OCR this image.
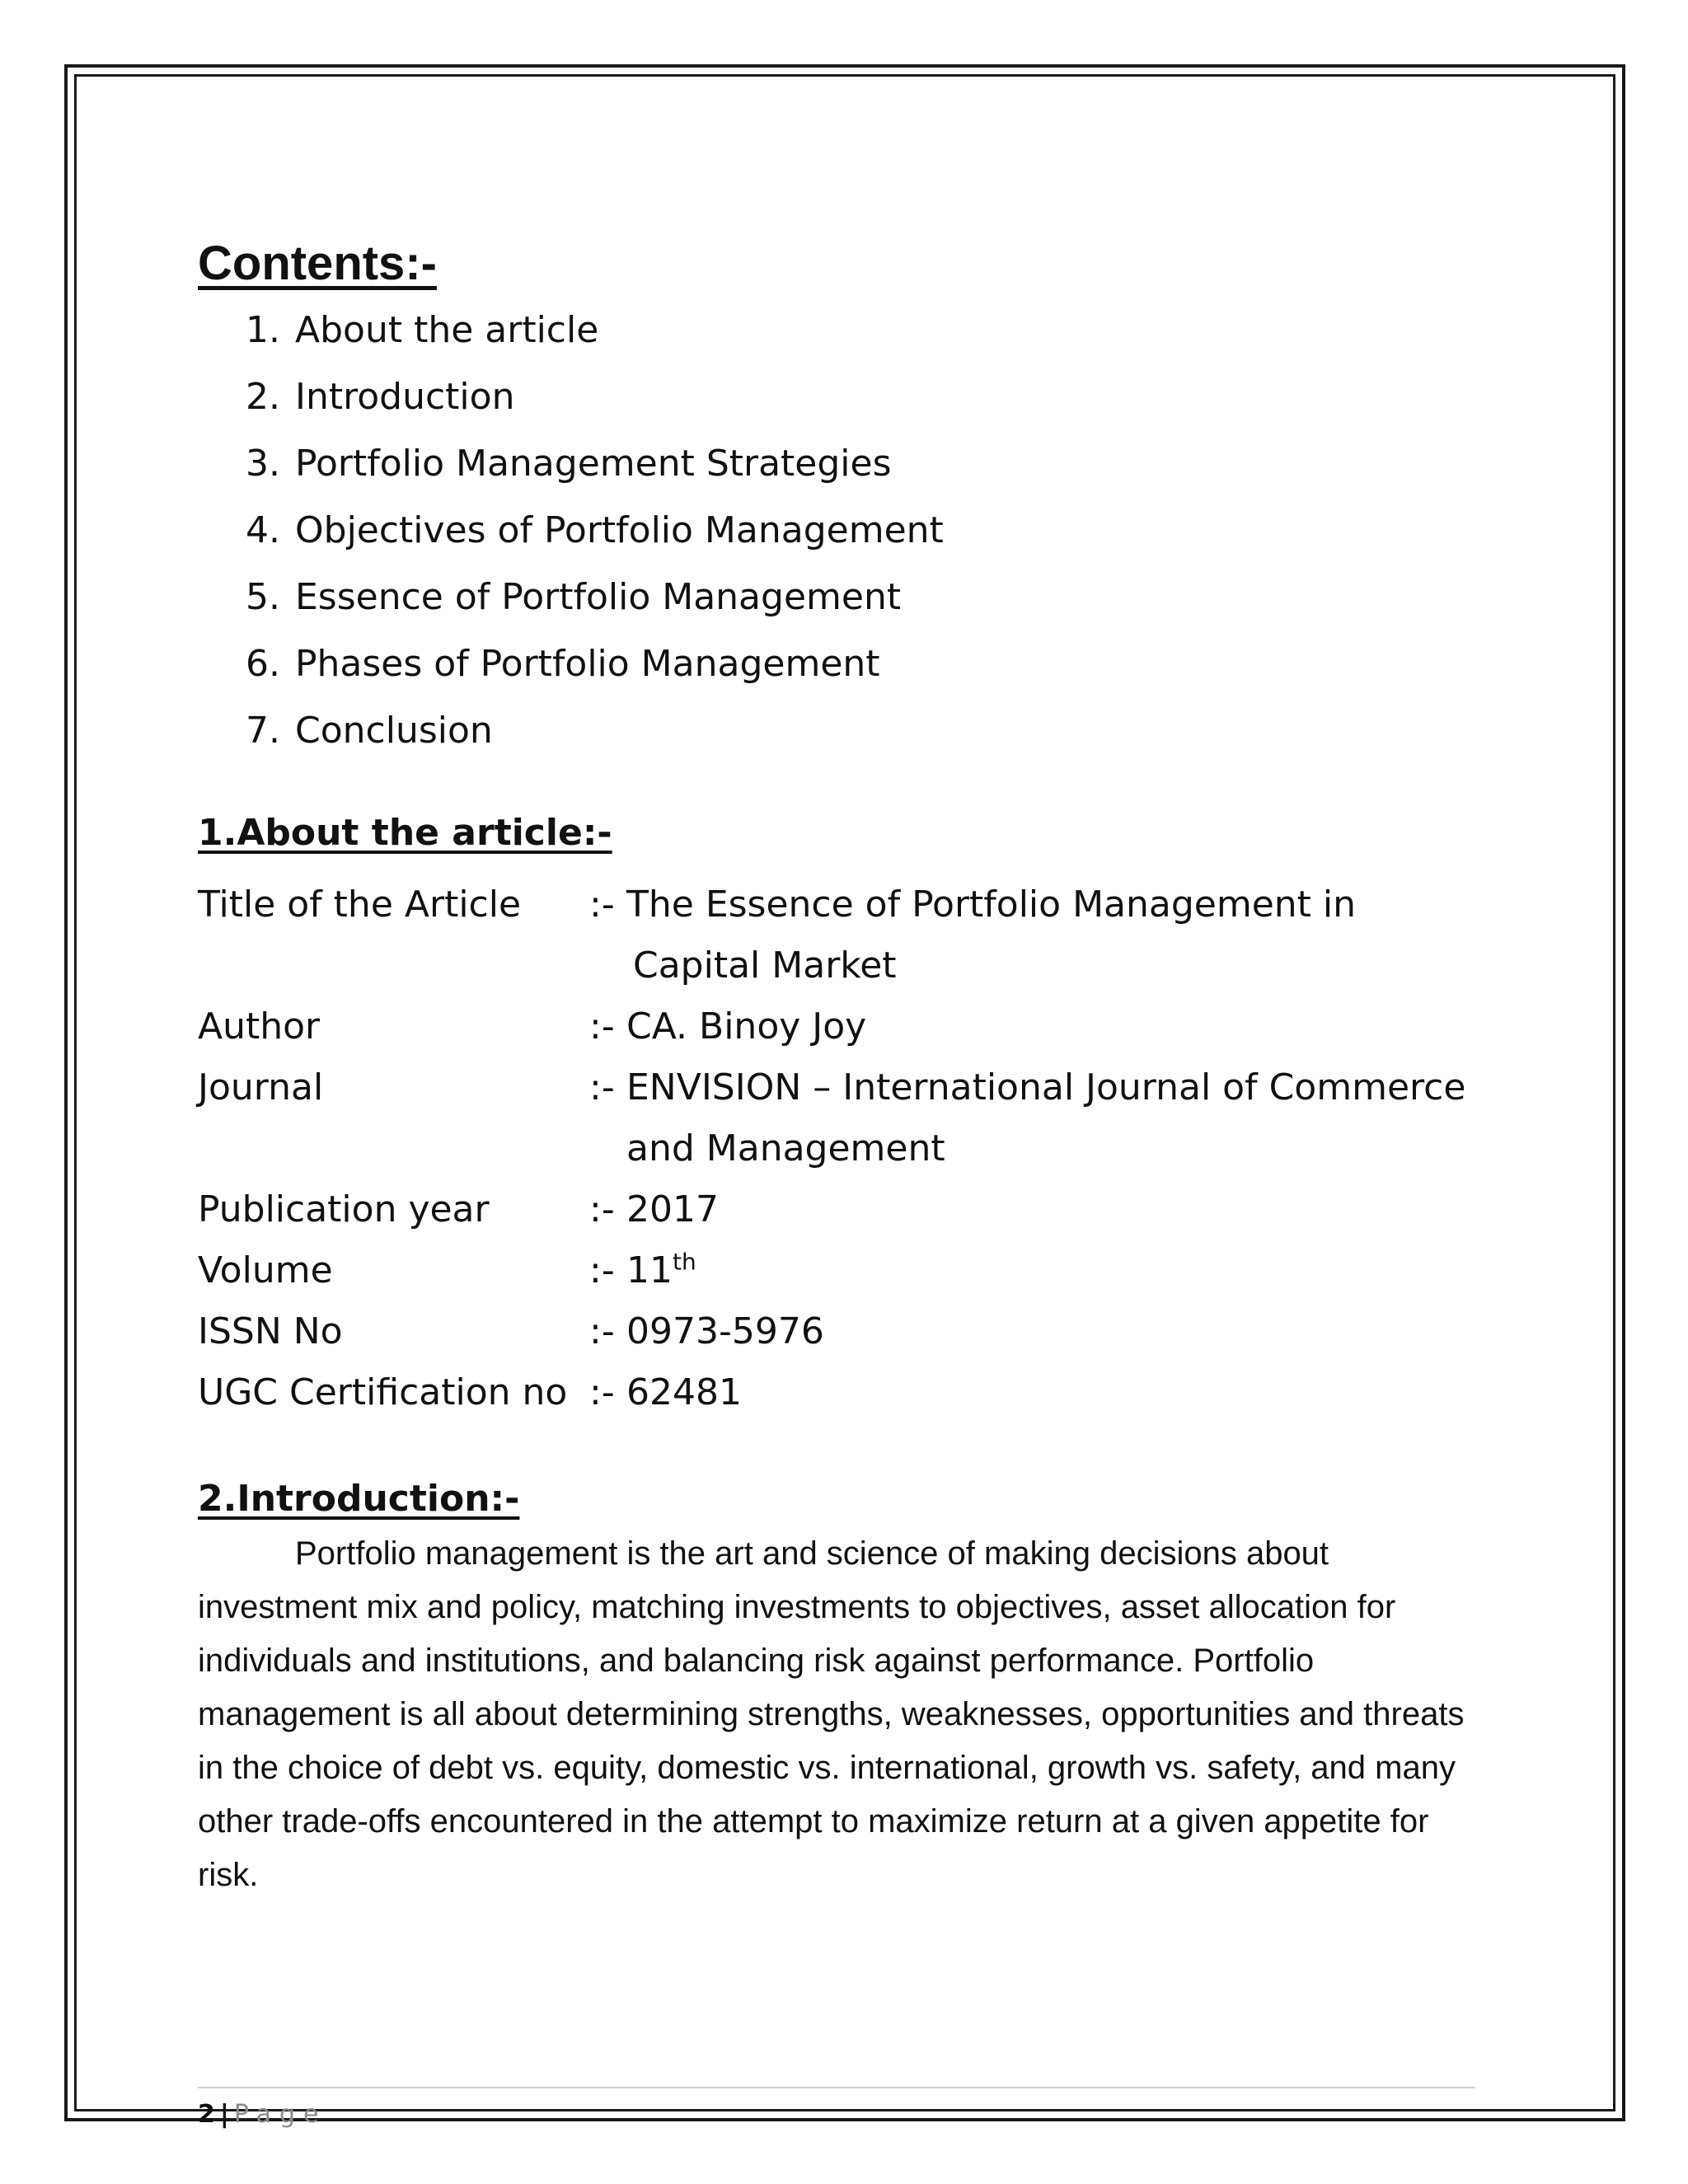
Contents:-
1. About the article
2. Introduction
3. Portfolio Management Strategies
4. Objectives of Portfolio Management
5. Essence of Portfolio Management
6. Phases of Portfolio Management
7. Conclusion
1.About the article:-
Title of the Article	:- The Essence of Portfolio Management in
Capital Market
Author	:- CA. Binoy Joy
Journal	:- ENVISION – International Journal of Commerce
and Management
Publication year	:- 2017
Volume	:- 11th
ISSN No	:- 0973-5976
UGC Certification no :- 62481
2.Introduction:-

Portfolio management is the art and science of making decisions about investment mix and policy, matching investments to objectives, asset allocation for individuals and institutions, and balancing risk against performance. Portfolio management is all about determining strengths, weaknesses, opportunities and threats in the choice of debt vs. equity, domestic vs. international, growth vs. safety, and many other trade-offs encountered in the attempt to maximize return at a given appetite for risk.

2 | Page
